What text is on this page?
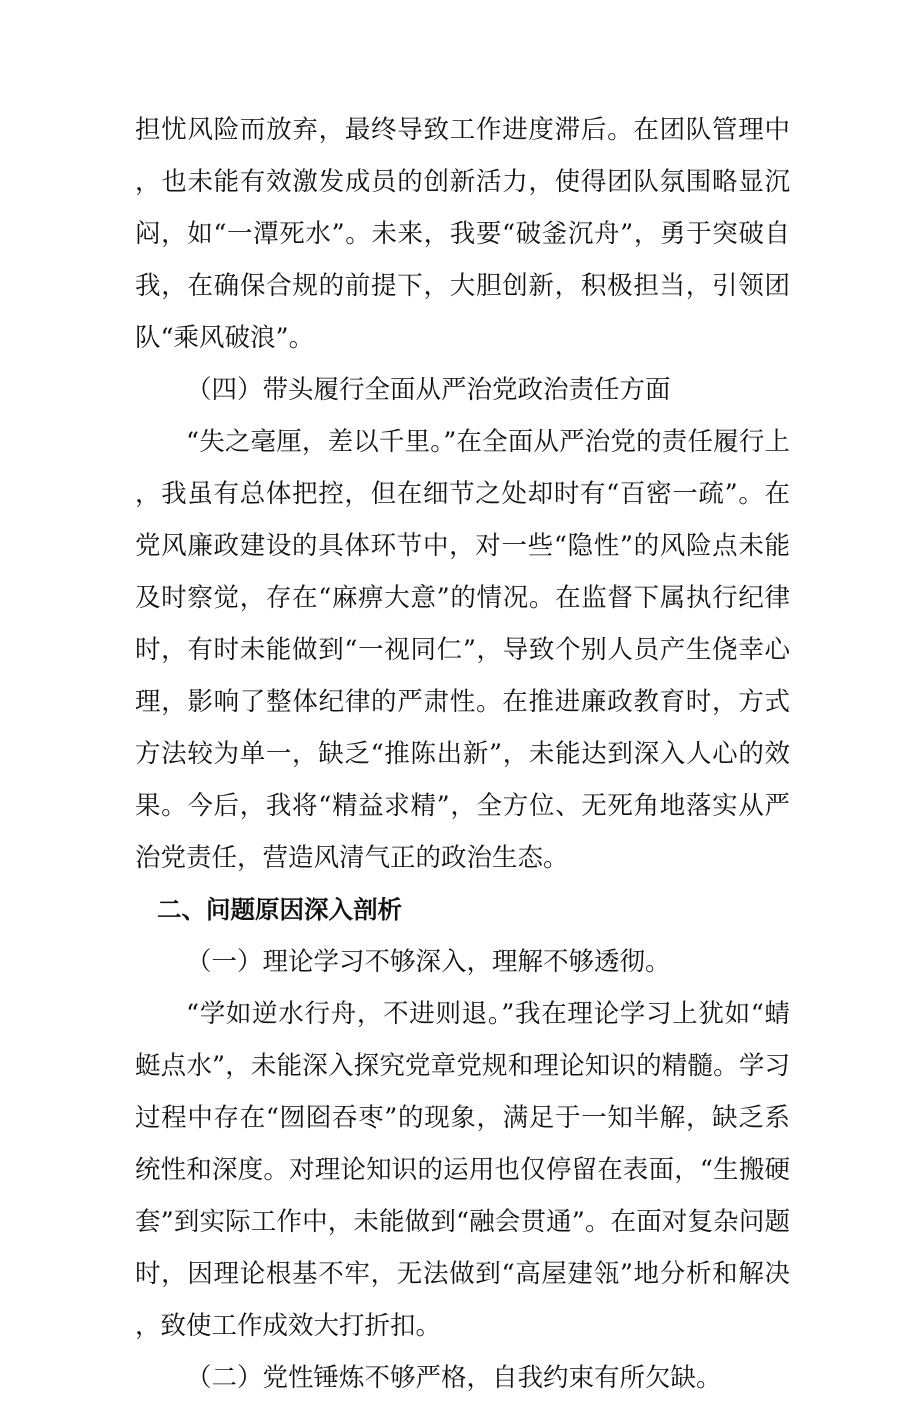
担忧风险而放弃，最终导致工作进度滞后。在团队管理中，也未能有效激发成员的创新活力，使得团队氛围略显沉闷，如“一潭死水”。未来，我要“破釜沉舟”，勇于突破自我，在确保合规的前提下，大胆创新，积极担当，引领团队“乘风破浪”。

（四）带头履行全面从严治党政治责任方面

“失之毫厘，差以千里。”在全面从严治党的责任履行上，我虽有总体把控，但在细节之处却时有“百密一疏”。在党风廉政建设的具体环节中，对一些“隐性”的风险点未能及时察觉，存在“麻痹大意”的情况。在监督下属执行纪律时，有时未能做到“一视同仁”，导致个别人员产生侥幸心理，影响了整体纪律的严肃性。在推进廉政教育时，方式方法较为单一，缺乏“推陈出新”，未能达到深入人心的效果。今后，我将“精益求精”，全方位、无死角地落实从严治党责任，营造风清气正的政治生态。

二、问题原因深入剖析

（一）理论学习不够深入，理解不够透彻。

“学如逆水行舟，不进则退。”我在理论学习上犹如“蜻蜓点水”，未能深入探究党章党规和理论知识的精髓。学习过程中存在“囫囵吞枣”的现象，满足于一知半解，缺乏系统性和深度。对理论知识的运用也仅停留在表面，“生搬硬套”到实际工作中，未能做到“融会贯通”。在面对复杂问题时，因理论根基不牢，无法做到“高屋建瓴”地分析和解决，致使工作成效大打折扣。

（二）党性锤炼不够严格，自我约束有所欠缺。
